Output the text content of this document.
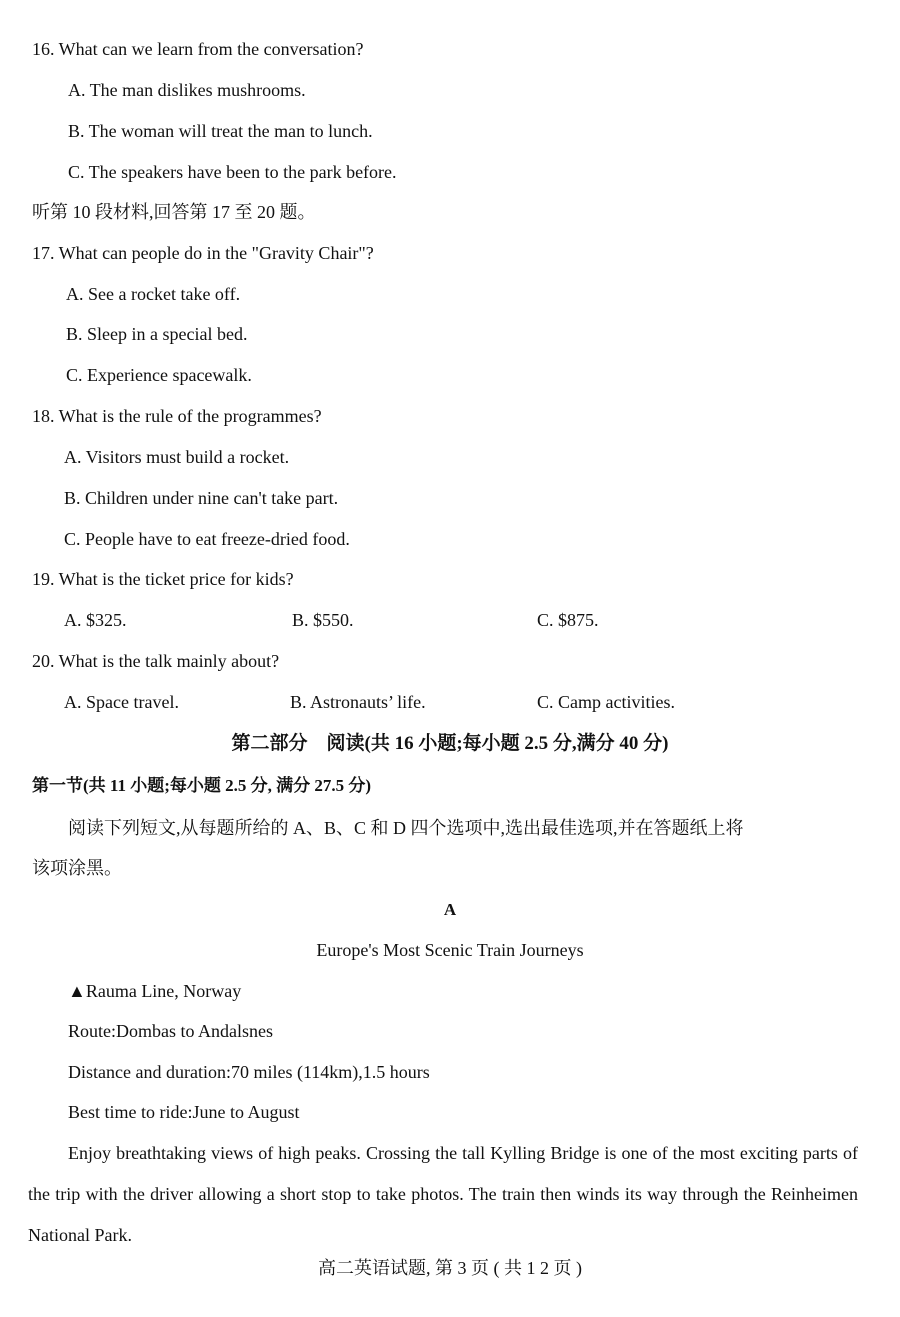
16. What can we learn from the conversation?
A. The man dislikes mushrooms.
B. The woman will treat the man to lunch.
C. The speakers have been to the park before.
听第 10 段材料,回答第 17 至 20 题。
17. What can people do in the "Gravity Chair"?
A. See a rocket take off.
B. Sleep in a special bed.
C. Experience spacewalk.
18. What is the rule of the programmes?
A. Visitors must build a rocket.
B. Children under nine can't take part.
C. People have to eat freeze-dried food.
19. What is the ticket price for kids?
A. $325.	B. $550.	C. $875.
20. What is the talk mainly about?
A. Space travel.	B. Astronauts’ life.	C. Camp activities.
第二部分　阅读(共 16 小题;每小题 2.5 分,满分 40 分)
第一节(共 11 小题;每小题 2.5 分, 满分 27.5 分)
阅读下列短文,从每题所给的 A、B、C 和 D 四个选项中,选出最佳选项,并在答题纸上将
该项涂黑。
A
Europe's Most Scenic Train Journeys
▲Rauma Line, Norway
Route:Dombas to Andalsnes
Distance and duration:70 miles (114km),1.5 hours
Best time to ride:June to August
Enjoy breathtaking views of high peaks. Crossing the tall Kylling Bridge is one of the most exciting parts of the trip with the driver allowing a short stop to take photos. The train then winds its way through the Reinheimen National Park.
高二英语试题, 第 3 页 ( 共 1 2 页 )
